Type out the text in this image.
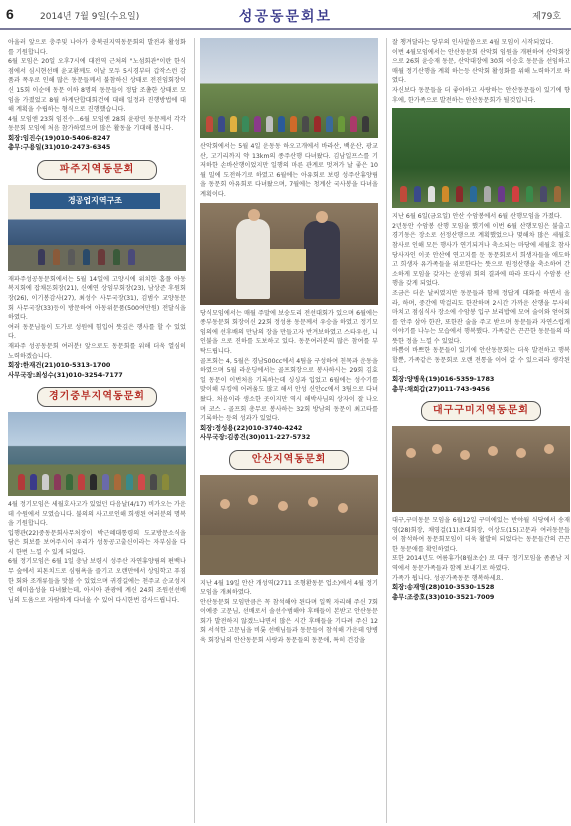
6	2014년 7월 9일(수요일)	성공동문회보	제79호

아울러 앞으로 충주및 나아가 충북권지역동문회의 발전과 활성화를 기원합니다.

6월 모임은 20일 오후7시에 대전역 근처의 "노섬회관"이란 한식점에서 심시현선배 윤교환께도 이날 모두 5시경부터 갑작스런 감품과 폭우로 인해 많은 동문들께서 불참하신 상태로 전진임회장이신 15회 이순애 동문 이하 8명의 동문들이 정답 조촐한 상태로 모임을 가졌었고 8월 하계단합대회건에 대해 일정과 진행방법에 대해 계획을 수립하는 형식으로 진행했습니다.

4월 모임엔 23회 임진수...6월 모임엔 28회 윤광민 동문께서 각각 동문회 모임에 처음 참가하였으며 많은 활동을 기대해 봅니다.

회장:임진수(19)010-5406-8247

총무:구용일(31)010-2473-6345

파주지역동문회
경공업지역구조

재파주성공동문회에서는 5월 14일에 고양시에 위치한 홈플 아동복지회에 잡채돈회장(21), 신예연 상임부회장(23), 남상준 후원회장(26), 이기봉감사(27), 최성수 사무국장(31), 김범수 교양동문회 사무국장(33)등이 방문하여 아동위문품(500여만원) 전달식을 하였다.

여러 동문님들이 도가로 성원에 힘입어 뜻깊은 행사를 할 수 있었다.

재파주 성공동문회 여러분! 앞으로도 동문회를 위해 더욱 열심히 노력하겠습니다.

회장:한재건(21)010-5313-1700

사무국장:최성수(31)010-3254-7177

경기중부지역동문회

4월 정기모임은 세월호사고가 있었던 다음날(4/17) 비가오는 가운데 수원에서 모였습니다. 불의의 사고로인해 희생된 여러분의 명복을 기원합니다.

입행관(22)중동문회사무처장이 박근혜대통령의 도교방문소식을 담은 회보를 보여주시어 우리가 성동공고출신이라는 자부심을 다시 한번 느낄 수 있게 되었다.

6월 정기모임은 6월 1일 충남 보령시 성주산 자연휴양림의 편백나무 숲에서 피톤치드로 심림욕을 즐기고 오랜만에서 상임학고 푸짐한 회와 조개류들을 맛볼 수 있었으며 귀경길에는 천주교 순교성지인 해미읍성을 다녀왔는데, 아시아 관광에 계신 24회 조원선선배님의 도움으로 자람하게 다녀올 수 있어 다시한번 감사드립니다.

산악회에서는 5월 4일 운동동 하오고개에서 바라산, 백운산, 광교산, 고기리까지 약 13km의 종주산행 다녀왔다. 김남일프스를 기저하한 손바산행이었지만 일행의 마른 관계로 멋져가 날 좋은 10월 밀에 도전하기로 하였고 6월에는 아유회로 보령 성주산휴양림을 동문회 아유회로 다녀왔으며, 7월에는 청계산 국사봉을 다녀올 계획이다.

당식모임에서는 매월 주말에 보숭도리 전선대회가 있으며 6월에는 종부동문회 회장이신 22회 정성용 동문께서 우승을 하였고 정기모임의에 선후배의 만남의 장을 만들고자 반겨보하였고 스타우선, 니인불을 으로 진하를 도보하고 있다. 동문여러분의 많은 참여를 부탁드립니다.

골프회는 4, 5월은 경남500cc에서 4팀을 구성하여 친목과 운동을 하였으며 5월 라운딩에서는 골프회장으로 봉사하시는 29회 김효일 동문이 이번처음 기록하는데 싱싱과 입었고 6월에는 성수기를 맞이해 부킹에 어려움도 많고 해서 안성 신안cc에서 3팀으로 다녀왔다. 처음이라 생소한 곳이지만 역시 해박사님의 상자이 잘 나오며 코스 - 골프회 총무로 봉사하는 32회 방남의 동문이 최고타를 기록하는 등의 성과가 있었다.

회장:정성용(22)010-3740-4242

사무국장:김종건(30)011-227-5732

안산지역동문회

지난 4월 19일 안산 개성역(2711 조형환동문 업소)에서 4월 정기모임을 개최하였다.

안산동문회 모임만큼은 꼭 참석해야 된다며 일찍 자리해 주신 7회 이예중 고문님, 선배로서 솔선수범해야 후배들이 본받고 안산동문회가 발전하지 않겠느냐면서 많은 시간 후배들을 기다려 주신 12회 서석한 고문님을 비롯 선배님들과 동문들이 참석해 가운데 양병욱 회장님의 안산동문회 사랑과 동문들의 동문애, 특히 건강을

잘 챙겨달라는 당부의 인사말씀으로 4월 모임이 시작되었다.

이번 4월모임에서는 안산동문회 산악회 임원을 개편하여 산악회장으로 26회 윤승재 동문, 산악대장에 30회 이승호 동문을 선임하고 매월 정기산행을 계획 하는등 산악회 활성화를 위해 노력하기로 하였다.

자신보다 동문들을 더 좋아하고 사랑하는 안산동문들이 있기에 향후에, 한가족으로 발전하는 안산동문회가 될것입니다.

지난 6월 6일(금요일) 안산 수암봉에서 6월 산행모임을 가졌다.

2년동안 수암봉 산행 모임을 했기에 이번 6월 산행모임은 불출고 경기동은 장소로 선정산행으로 계획했었으나 몇해차 많은 세월호 참사로 인해 모든 행사가 연기되거나 축소되는 마당에 세월호 참사 당사자인 이곳 안산에 연고지를 둔 동문회로서 희생자들을 애도하고 희생자 유가족들을 위로한다는 뜻으로 원정산행을 축소하여 간소하게 모임을 갖자는 운영위 회의 결과에 따라 또다시 수암봉 산행을 갖게 되었다.

조금은 더운 날씨였지만 동문들과 함께 정답게 대화를 하면서 올라, 하며, 중간에 막걸리도 한잔하며 2시간 가까운 산행을 무사히 마치고 점심식사 장소에 수암봉 입구 보리밥에 모여 술이와 얻어회를 안주 삼아 한잔, 또한잔 술을 주고 받으며 동문들과 자연스럽게 이야기를 나누는 모습에서 행복했다. 가족같은 끈끈한 동문들의 따뜻한 정을 느낄 수 있었다.

바쁨이 바쁘한 동문들이 있기에 안산동문회는 더욱 발전하고 행복할뿐, 가족같은 동문회로 오랜 전통을 이어 갈 수 있으리라 생각된다.

회장:양병욱(19)016-5359-1783

총무:채희갑(27)011-743-9456

대구구미지역동문회

대구,구미동문 모임을 6월12일 구미에있는 반야월 식당에서 송재영(28)회장, 채영걸(11)초대회장, 이상도(15)고문과 여러동문들이 참석하여 동문회모임이 더욱 활발히 되었다는 동문들간의 끈끈한 동문애를 확인하였다.

또한 2014년도 여름휴가(8월초순) 로 대구 정기모임을 좀좀남 지역에서 동문가족들과 함께 보내기로 하였다.

가족가 됩니다. 성공가족동문 행복하세요.

회장:송재영(28)010-3530-1528

총무:조중호(33)010-3521-7009
